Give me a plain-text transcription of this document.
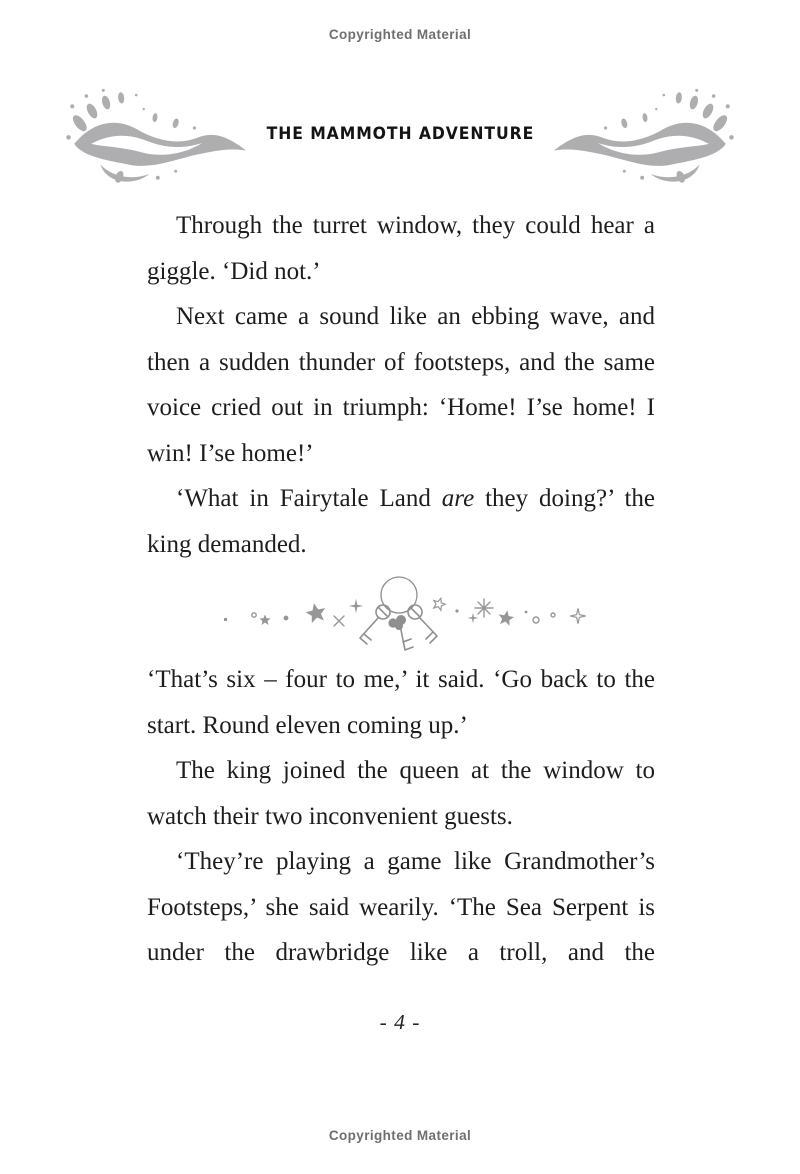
Copyrighted Material
THE MAMMOTH ADVENTURE

Through the turret window, they could hear a giggle. ‘Did not.’

Next came a sound like an ebbing wave, and then a sudden thunder of footsteps, and the same voice cried out in triumph: ‘Home! I’se home! I win! I’se home!’

‘What in Fairytale Land are they doing?’ the king demanded.

‘That’s six – four to me,’ it said. ‘Go back to the start. Round eleven coming up.’

The king joined the queen at the window to watch their two inconvenient guests.

‘They’re playing a game like Grandmother’s Footsteps,’ she said wearily. ‘The Sea Serpent is under the drawbridge like a troll, and the

- 4 -
Copyrighted Material
